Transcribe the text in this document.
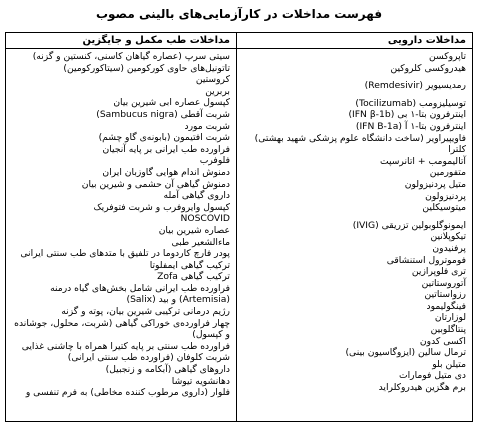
فهرست مداخلات در کارآزمایی‌های بالینی مصوب
مداخلات دارویی
تاپروکسن
هیدروکسی کلروکین
رمدیسیویر (Remdesivir)
توسیلیزومب (Tocilizumab)
اینترفرون بتا-۱ بی (IFN β-1b)
اینترفرون بتا-۱ آ (IFN B-1a)
فاویپیراویر (ساخت دانشگاه علوم پزشکی شهید بهشتی)
کلترا
آتالیمومب + اتانرسپت
متفورمین
متیل پردنیزولون
پردنیزولون
میتوسیکلین
ایمونوگلوبولین تزریقی (IVIG)
تیکوپلانین
پرفنیدون
فوموترول استنشاقی
تری فلوپرازین
آتوروستاتین
رزواستاتین
فینگولیمود
لوزارتان
پنتاگلوبین
اکسی کدون
ترمال سالین (ایزوگاسیون بینی)
متیلن بلو
دی متیل فومارات
برم هگزین هیدروکلراید
مداخلات طب مکمل و جایگزین
سیتی سرپ (عصاره گیاهان کاسنی، کنستین و گزنه)
تاتونیل‌های حاوی کورکومین (سیتاکورکومین)
کروستین
بربرین
کپسول عصاره ابی شیرین بیان
شربت آقطی (Sambucus nigra)
شربت مورد
شربت افتیمون (بابونه‌ی گاو چشم)
فراورده طب ایرانی بر پایه آنجیان
فلوفرب
دمنوش اندام هوایی گاوزبان ایران
دمنوش گیاهی آن حشمی و شیرین بیان
داروی گیاهی آمله
کپسول وایروفرب و شربت فتوفریک
NOSCOVID
عصاره شیرین بیان
ماءالشعیر طبی
پودر فارچ کاردوما در تلفیق با متدهای طب سنتی ایرانی
ترکیب گیاهی ایمفلوتا
ترکیب گیاهی Zofa
فراورده طب ایرانی شامل بخش‌های گیاه درمنه (Artemisia) و بید (Salix)
رژیم درمانی ترکیبی شیرین بیان، پوته و گزنه
چهار فراورده‌ی خوراکی گیاهی (شربت، محلول، جوشانده و کپسول)
فراورده طب سنتی بر پایه کتیرا همراه با چاشنی غذایی
شربت کلوفان (فراورده طب سنتی ایرانی)
داروهای گیاهی (آبکامه و زنجبیل)
دهانشویه تیوشا
فلوار (داروی مرطوب کننده مخاطی) به فرم تنفسی و
